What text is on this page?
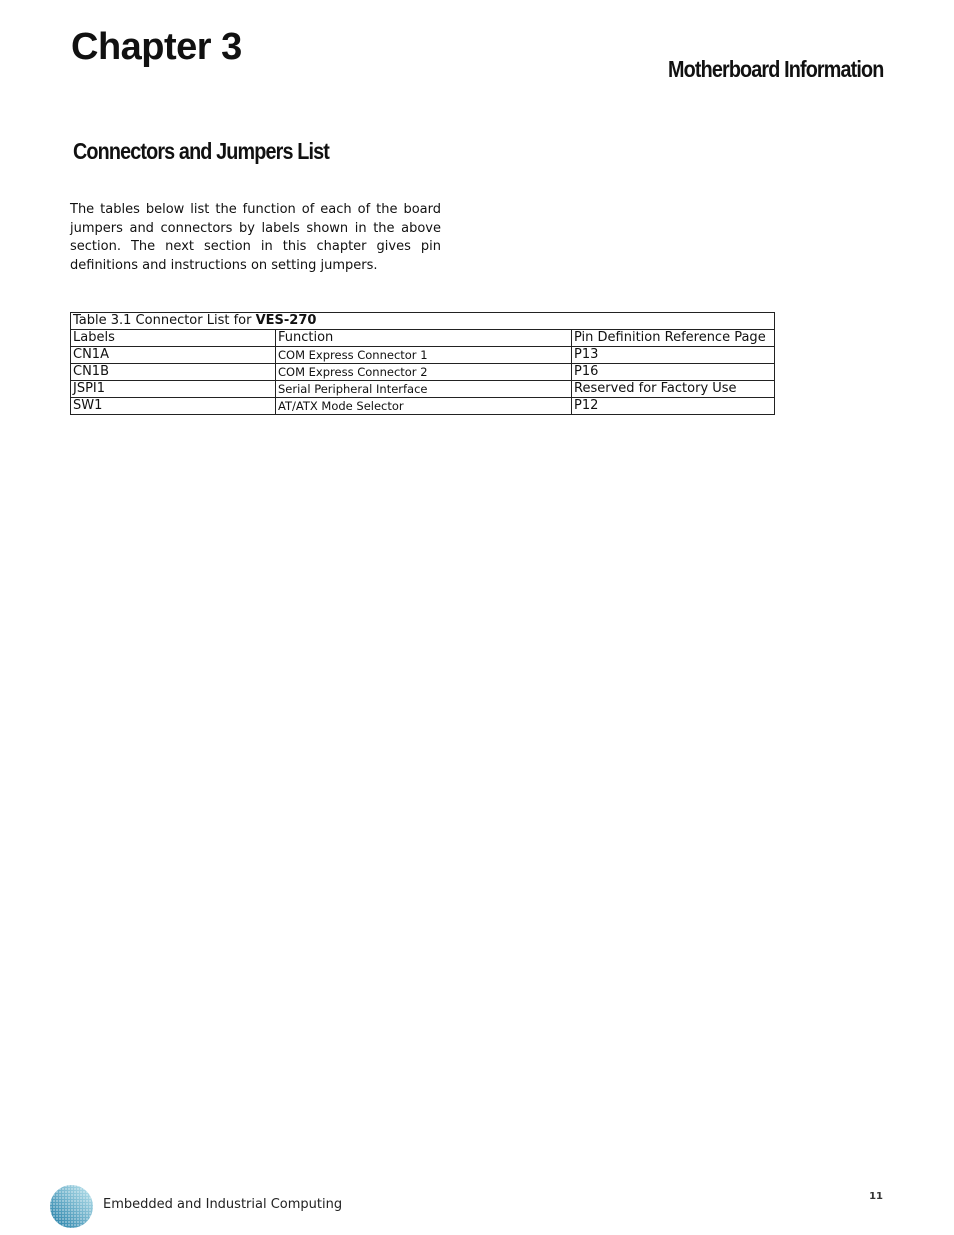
Chapter 3
Motherboard Information
Connectors and Jumpers List

The tables below list the function of each of the board jumpers and connectors by labels shown in the above section. The next section in this chapter gives pin definitions and instructions on setting jumpers.

Table 3.1 Connector List for VES-270		
Labels	Function	Pin Definition Reference Page
CN1A	COM Express Connector 1	P13
CN1B	COM Express Connector 2	P16
JSPI1	Serial Peripheral Interface	Reserved for Factory Use
SW1	AT/ATX Mode Selector	P12

Embedded and Industrial Computing

11
